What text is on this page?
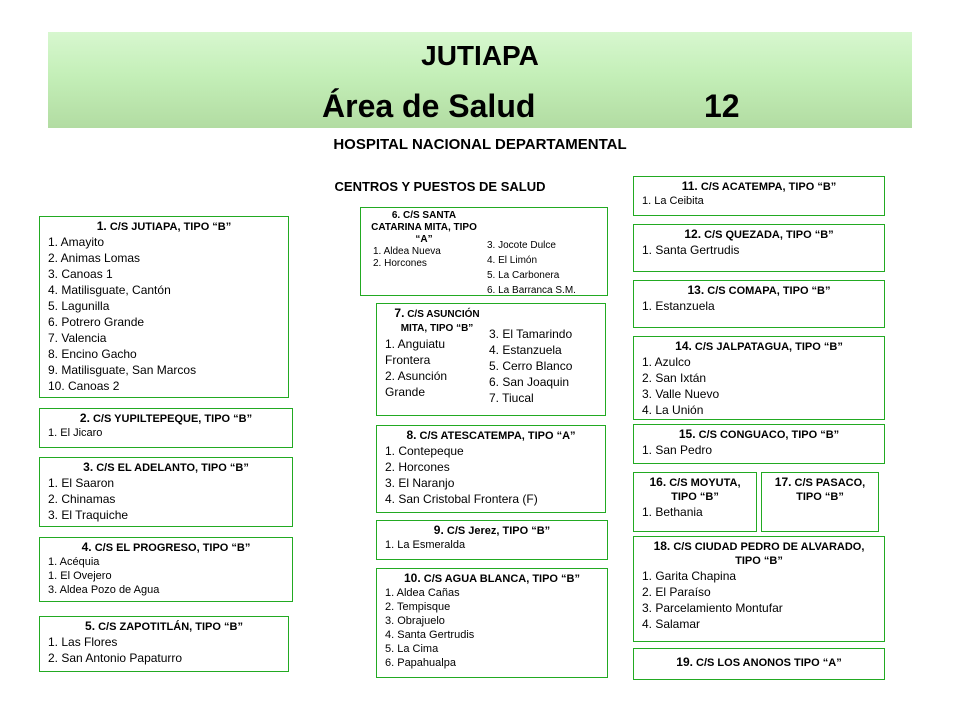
JUTIAPA
Área de Salud	12
HOSPITAL NACIONAL DEPARTAMENTAL
CENTROS Y PUESTOS DE SALUD
1. C/S JUTIAPA, TIPO “B”
1. Amayito
2. Animas Lomas
3. Canoas 1
4. Matilisguate, Cantón
5. Lagunilla
6. Potrero Grande
7. Valencia
8. Encino Gacho
9. Matilisguate, San Marcos
10. Canoas 2
2. C/S YUPILTEPEQUE, TIPO “B”
1. El Jicaro
3. C/S EL ADELANTO, TIPO “B”
1. El Saaron
2. Chinamas
3. El Traquiche
4. C/S EL PROGRESO, TIPO “B”
1. Acéquia
1. El Ovejero
3. Aldea Pozo de Agua
5. C/S ZAPOTITLÁN, TIPO “B”
1. Las Flores
2. San Antonio Papaturro
6. C/S SANTA CATARINA MITA, TIPO “A”
1. Aldea Nueva
2. Horcones
3. Jocote Dulce
4. El Limón
5. La Carbonera
6. La Barranca S.M.
7. C/S ASUNCIÓN MITA, TIPO “B”
1. Anguiatu
Frontera
2. Asunción
Grande
3. El Tamarindo
4. Estanzuela
5. Cerro Blanco
6. San Joaquin
7. Tiucal
8. C/S ATESCATEMPA, TIPO “A”
1. Contepeque
2. Horcones
3. El Naranjo
4. San Cristobal Frontera (F)
9. C/S Jerez, TIPO “B”
1. La Esmeralda
10. C/S AGUA BLANCA, TIPO “B”
1. Aldea Cañas
2. Tempisque
3. Obrajuelo
4. Santa Gertrudis
5. La Cima
6. Papahualpa
11. C/S ACATEMPA, TIPO “B”
1. La Ceibita
12. C/S QUEZADA, TIPO “B”
1. Santa Gertrudis
13. C/S COMAPA, TIPO “B”
1. Estanzuela
14. C/S JALPATAGUA, TIPO “B”
1. Azulco
2. San Ixtán
3. Valle Nuevo
4. La Unión
15. C/S CONGUACO, TIPO “B”
1. San Pedro
16. C/S MOYUTA, TIPO “B”
1. Bethania
17. C/S PASACO, TIPO “B”
18. C/S CIUDAD PEDRO DE ALVARADO, TIPO “B”
1. Garita Chapina
2. El Paraíso
3. Parcelamiento Montufar
4. Salamar
19. C/S LOS ANONOS TIPO “A”
